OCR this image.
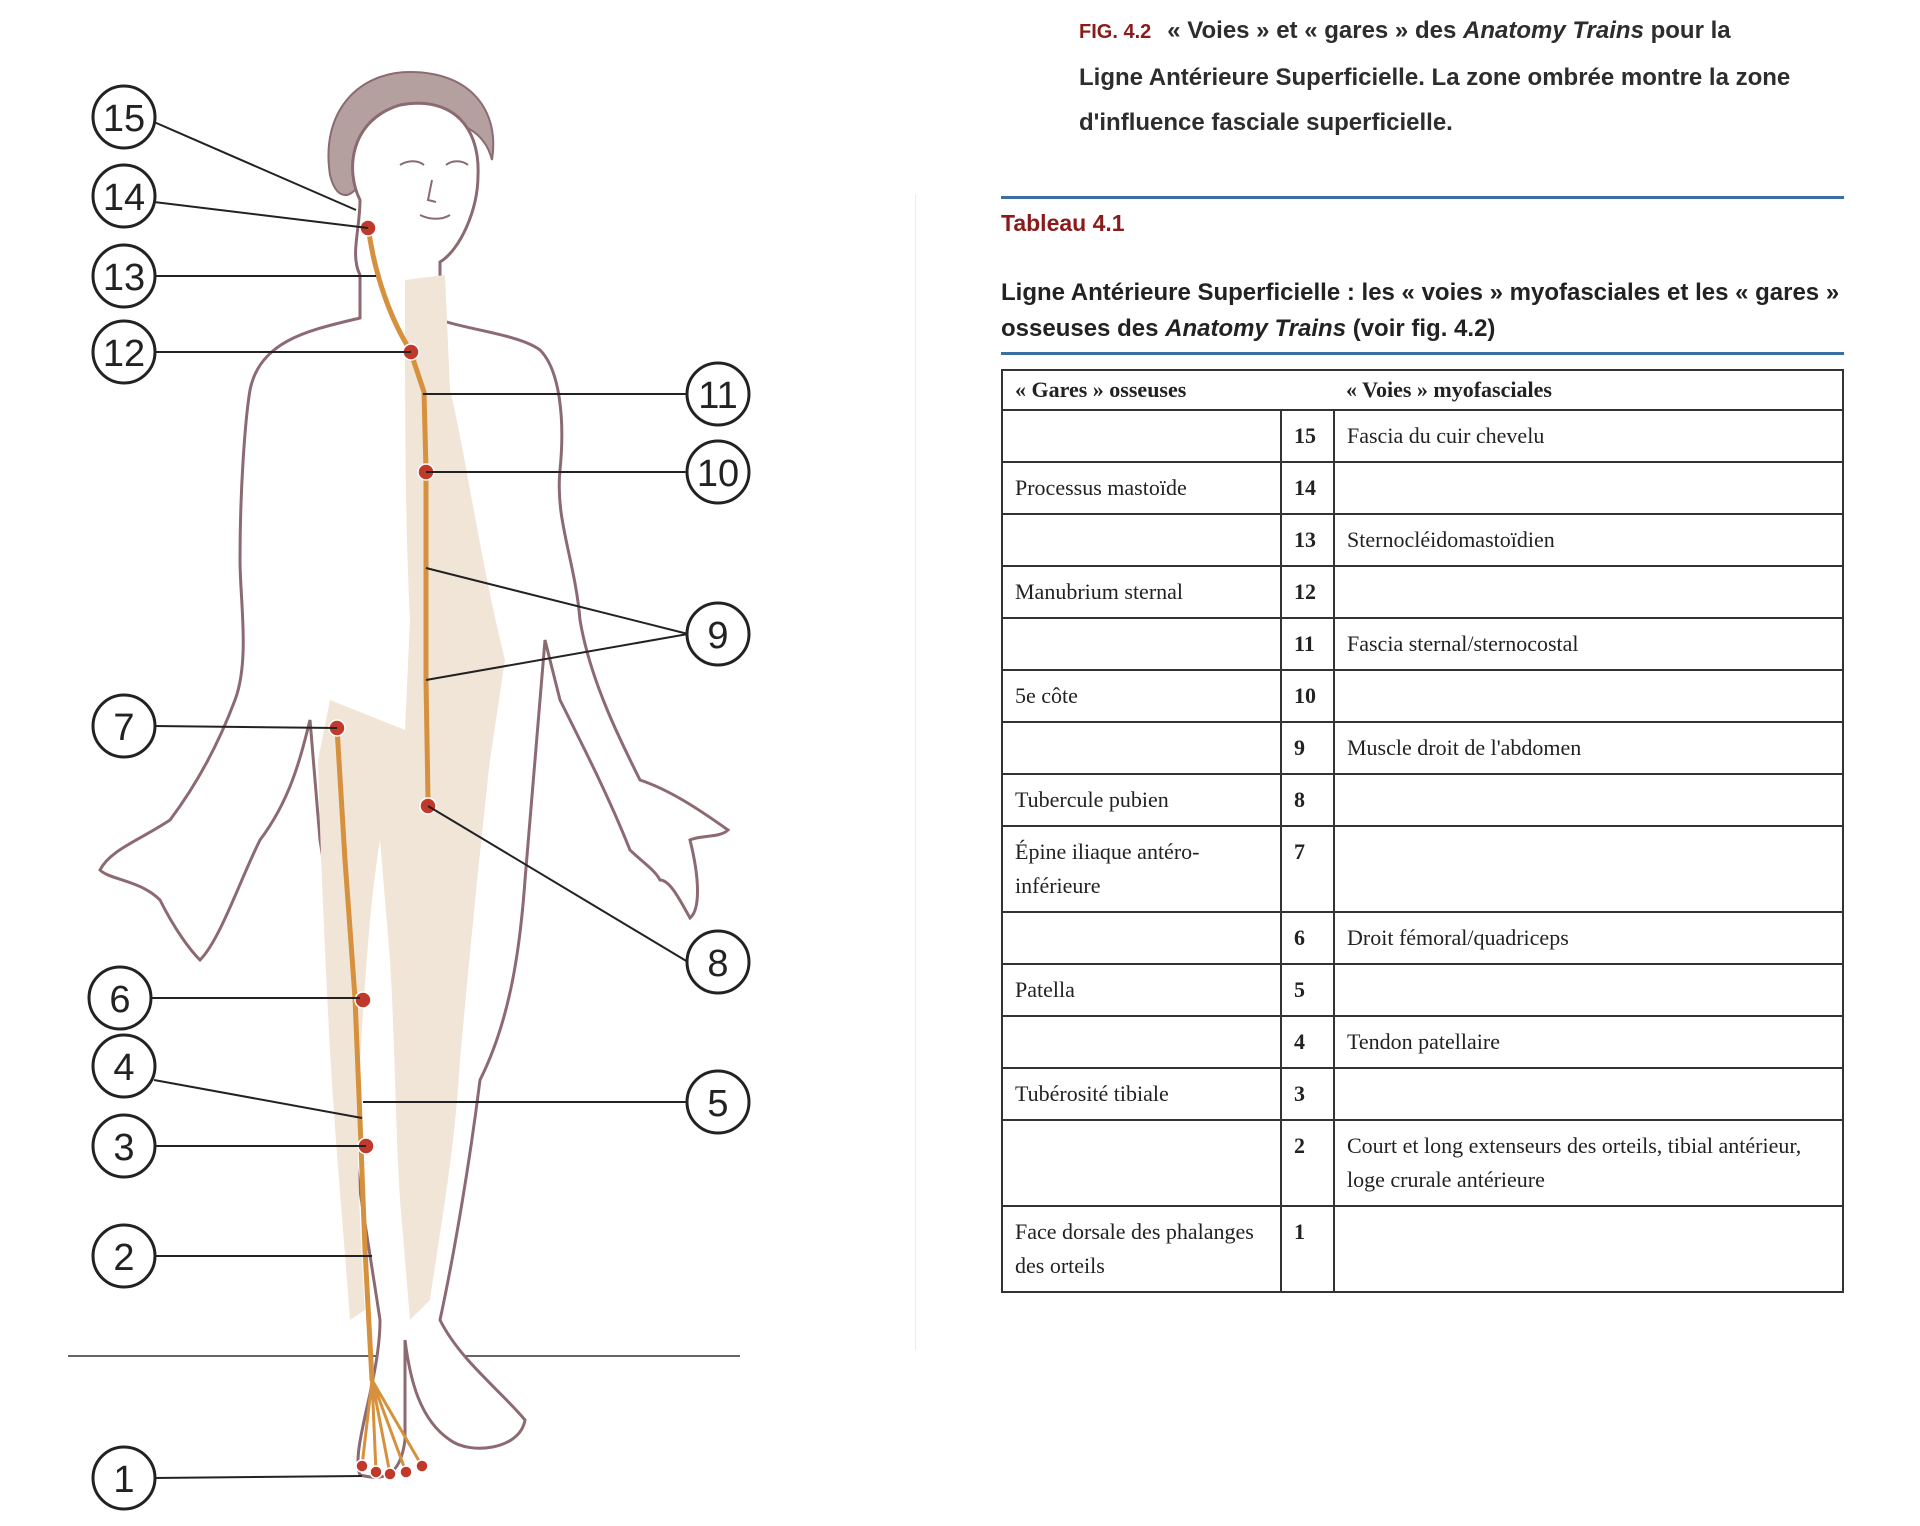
15
14
13
12
11
10
9
8
7
6
5
4
3
2
1
FIG. 4.2 « Voies » et « gares » des Anatomy Trains pour la Ligne Antérieure Superficielle. La zone ombrée montre la zone d'influence fasciale superficielle.
Tableau 4.1
Ligne Antérieure Superficielle : les « voies » myofasciales et les « gares » osseuses des Anatomy Trains (voir fig. 4.2)
« Gares » osseuses		« Voies » myofasciales
	15	Fascia du cuir chevelu
Processus mastoïde	14	
	13	Sternocléidomastoïdien
Manubrium sternal	12	
	11	Fascia sternal/sternocostal
5e côte	10	
	9	Muscle droit de l'abdomen
Tubercule pubien	8	
Épine iliaque antéro-inférieure	7	
	6	Droit fémoral/quadriceps
Patella	5	
	4	Tendon patellaire
Tubérosité tibiale	3	
	2	Court et long extenseurs des orteils, tibial antérieur, loge crurale antérieure
Face dorsale des phalanges des orteils	1	
